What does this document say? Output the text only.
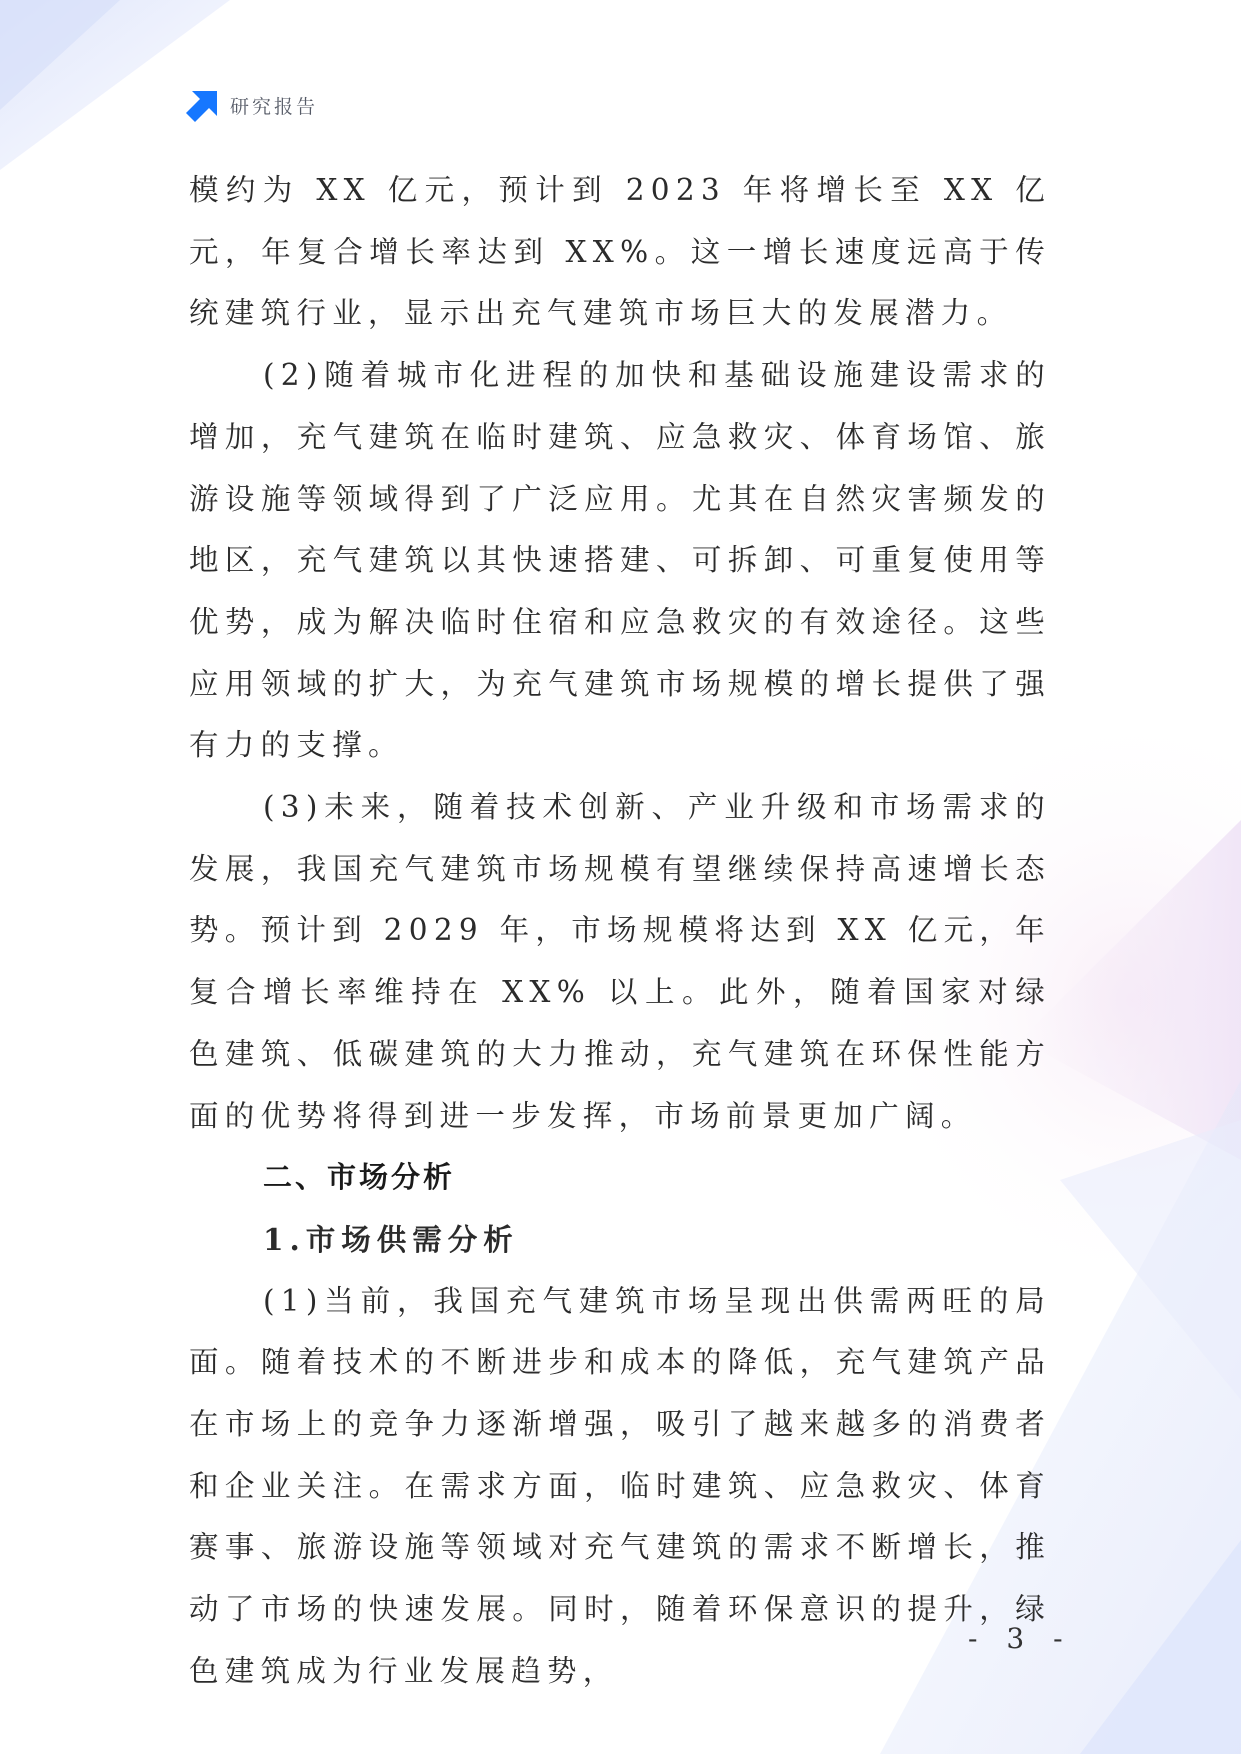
研究报告

模约为 XX 亿元，预计到 2023 年将增长至 XX 亿元，年复合增长率达到 XX%。这一增长速度远高于传统建筑行业，显示出充气建筑市场巨大的发展潜力。

(2)随着城市化进程的加快和基础设施建设需求的增加，充气建筑在临时建筑、应急救灾、体育场馆、旅游设施等领域得到了广泛应用。尤其在自然灾害频发的地区，充气建筑以其快速搭建、可拆卸、可重复使用等优势，成为解决临时住宿和应急救灾的有效途径。这些应用领域的扩大，为充气建筑市场规模的增长提供了强有力的支撑。

(3)未来，随着技术创新、产业升级和市场需求的发展，我国充气建筑市场规模有望继续保持高速增长态势。预计到 2029 年，市场规模将达到 XX 亿元，年复合增长率维持在 XX% 以上。此外，随着国家对绿色建筑、低碳建筑的大力推动，充气建筑在环保性能方面的优势将得到进一步发挥，市场前景更加广阔。

二、市场分析
1.市场供需分析

(1)当前，我国充气建筑市场呈现出供需两旺的局面。随着技术的不断进步和成本的降低，充气建筑产品在市场上的竞争力逐渐增强，吸引了越来越多的消费者和企业关注。在需求方面，临时建筑、应急救灾、体育赛事、旅游设施等领域对充气建筑的需求不断增长，推动了市场的快速发展。同时，随着环保意识的提升，绿色建筑成为行业发展趋势，

- 3 -
